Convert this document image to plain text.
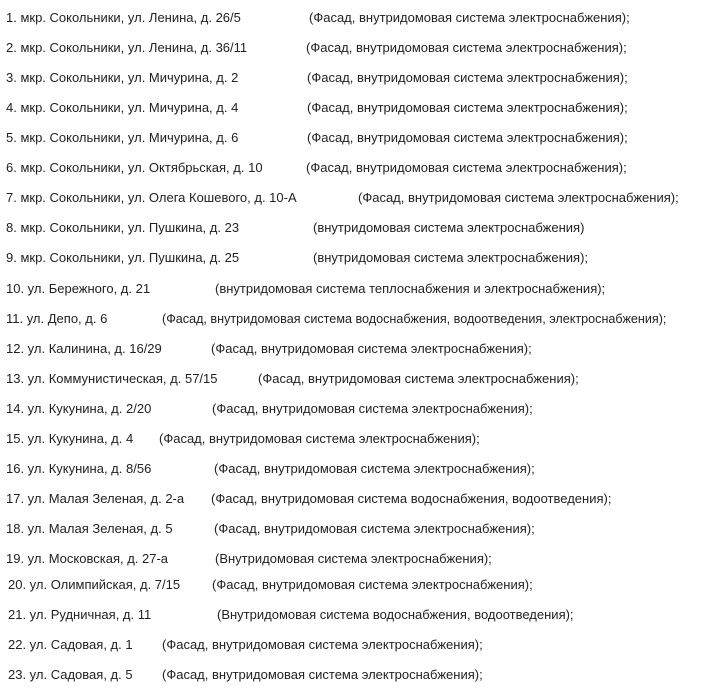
1. мкр. Сокольники, ул. Ленина, д. 26/5	(Фасад, внутридомовая система электроснабжения);
2. мкр. Сокольники, ул. Ленина, д. 36/11	(Фасад, внутридомовая система электроснабжения);
3. мкр. Сокольники, ул. Мичурина, д. 2	(Фасад, внутридомовая система электроснабжения);
4. мкр. Сокольники, ул. Мичурина, д. 4	(Фасад, внутридомовая система электроснабжения);
5. мкр. Сокольники, ул. Мичурина, д. 6	(Фасад, внутридомовая система электроснабжения);
6. мкр. Сокольники, ул. Октябрьская, д. 10	(Фасад, внутридомовая система электроснабжения);
7. мкр. Сокольники, ул. Олега Кошевого, д. 10-А	(Фасад, внутридомовая система электроснабжения);
8. мкр. Сокольники, ул. Пушкина, д. 23	(внутридомовая система электроснабжения)
9. мкр. Сокольники, ул. Пушкина, д. 25	(внутридомовая система электроснабжения);
10. ул. Бережного, д. 21	(внутридомовая система теплоснабжения и электроснабжения);
11. ул. Депо, д. 6	(Фасад, внутридомовая система водоснабжения, водоотведения, электроснабжения);
12. ул. Калинина, д. 16/29	(Фасад, внутридомовая система электроснабжения);
13. ул. Коммунистическая, д. 57/15	(Фасад, внутридомовая система электроснабжения);
14. ул. Кукунина, д. 2/20	(Фасад, внутридомовая система электроснабжения);
15. ул. Кукунина, д. 4 (Фасад, внутридомовая система электроснабжения);
16. ул. Кукунина, д. 8/56	(Фасад, внутридомовая система электроснабжения);
17. ул. Малая Зеленая, д. 2-а (Фасад, внутридомовая система водоснабжения, водоотведения);
18. ул. Малая Зеленая, д. 5	(Фасад, внутридомовая система электроснабжения);
19. ул. Московская, д. 27-а	(Внутридомовая система электроснабжения);
20. ул. Олимпийская, д. 7/15 (Фасад, внутридомовая система электроснабжения);
21. ул. Рудничная, д. 11	(Внутридомовая система водоснабжения, водоотведения);
22. ул. Садовая, д. 1 (Фасад, внутридомовая система электроснабжения);
23. ул. Садовая, д. 5 (Фасад, внутридомовая система электроснабжения);
